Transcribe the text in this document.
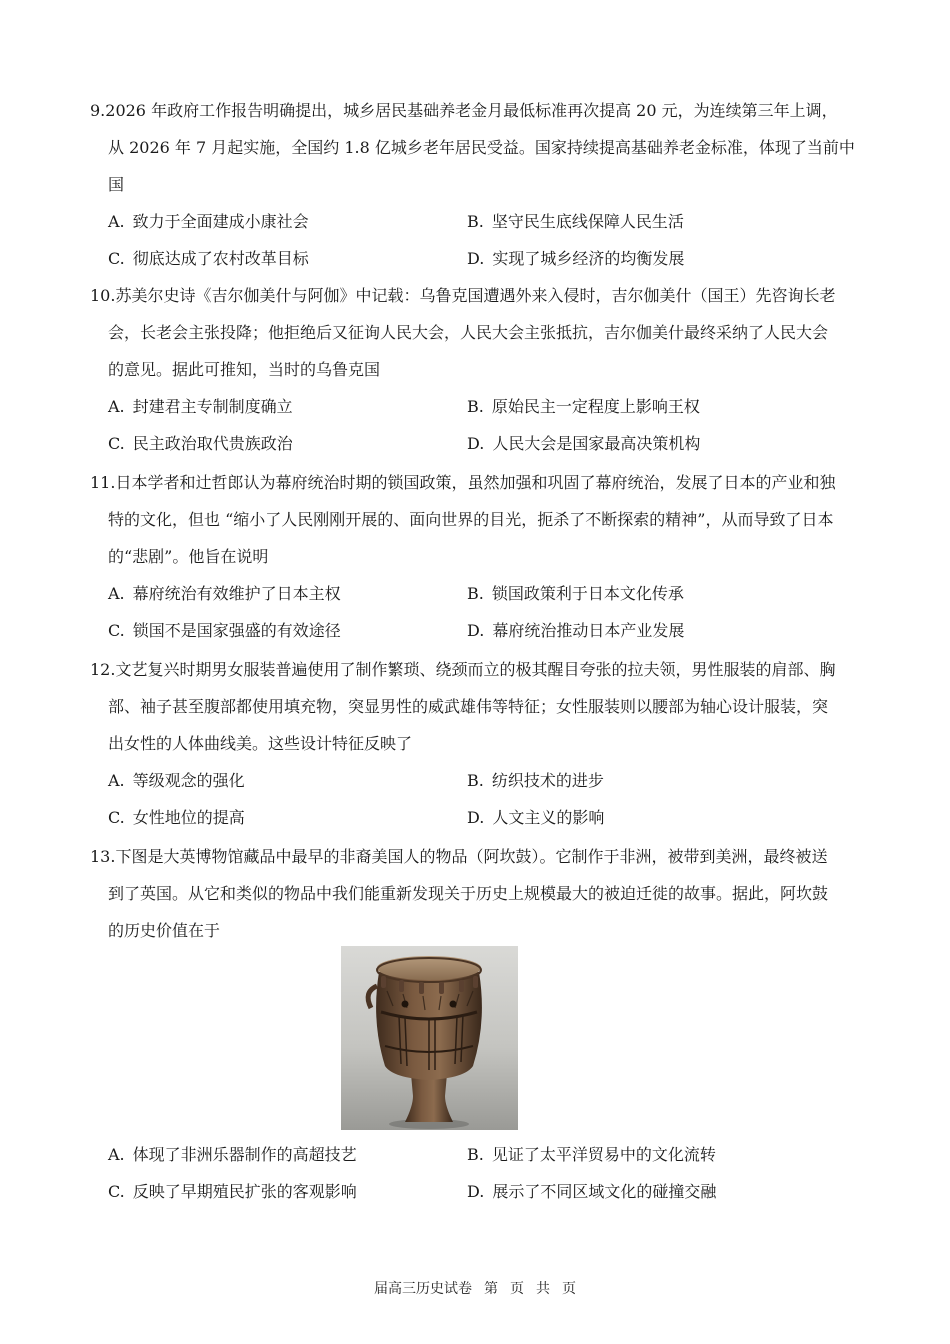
9.2026 年政府工作报告明确提出，城乡居民基础养老金月最低标准再次提高 20 元，为连续第三年上调，
从 2026 年 7 月起实施，全国约 1.8 亿城乡老年居民受益。国家持续提高基础养老金标准，体现了当前中
国

A. 致力于全面建成小康社会	B. 坚守民生底线保障人民生活
C. 彻底达成了农村改革目标	D. 实现了城乡经济的均衡发展

10.苏美尔史诗《吉尔伽美什与阿伽》中记载：乌鲁克国遭遇外来入侵时，吉尔伽美什（国王）先咨询长老
会，长老会主张投降；他拒绝后又征询人民大会，人民大会主张抵抗，吉尔伽美什最终采纳了人民大会
的意见。据此可推知，当时的乌鲁克国

A. 封建君主专制制度确立	B. 原始民主一定程度上影响王权
C. 民主政治取代贵族政治	D. 人民大会是国家最高决策机构

11.日本学者和辻哲郎认为幕府统治时期的锁国政策，虽然加强和巩固了幕府统治，发展了日本的产业和独
特的文化，但也 “缩小了人民刚刚开展的、面向世界的目光，扼杀了不断探索的精神”，从而导致了日本
的“悲剧”。他旨在说明

A. 幕府统治有效维护了日本主权	B. 锁国政策利于日本文化传承
C. 锁国不是国家强盛的有效途径	D. 幕府统治推动日本产业发展

12.文艺复兴时期男女服装普遍使用了制作繁琐、绕颈而立的极其醒目夸张的拉夫领，男性服装的肩部、胸
部、袖子甚至腹部都使用填充物，突显男性的威武雄伟等特征；女性服装则以腰部为轴心设计服装，突
出女性的人体曲线美。这些设计特征反映了

A. 等级观念的强化	B. 纺织技术的进步
C. 女性地位的提高	D. 人文主义的影响

13.下图是大英博物馆藏品中最早的非裔美国人的物品（阿坎鼓）。它制作于非洲，被带到美洲，最终被送
到了英国。从它和类似的物品中我们能重新发现关于历史上规模最大的被迫迁徙的故事。据此，阿坎鼓
的历史价值在于

A. 体现了非洲乐器制作的高超技艺	B. 见证了太平洋贸易中的文化流转
C. 反映了早期殖民扩张的客观影响	D. 展示了不同区域文化的碰撞交融
届高三历史试卷 第 页 共 页
